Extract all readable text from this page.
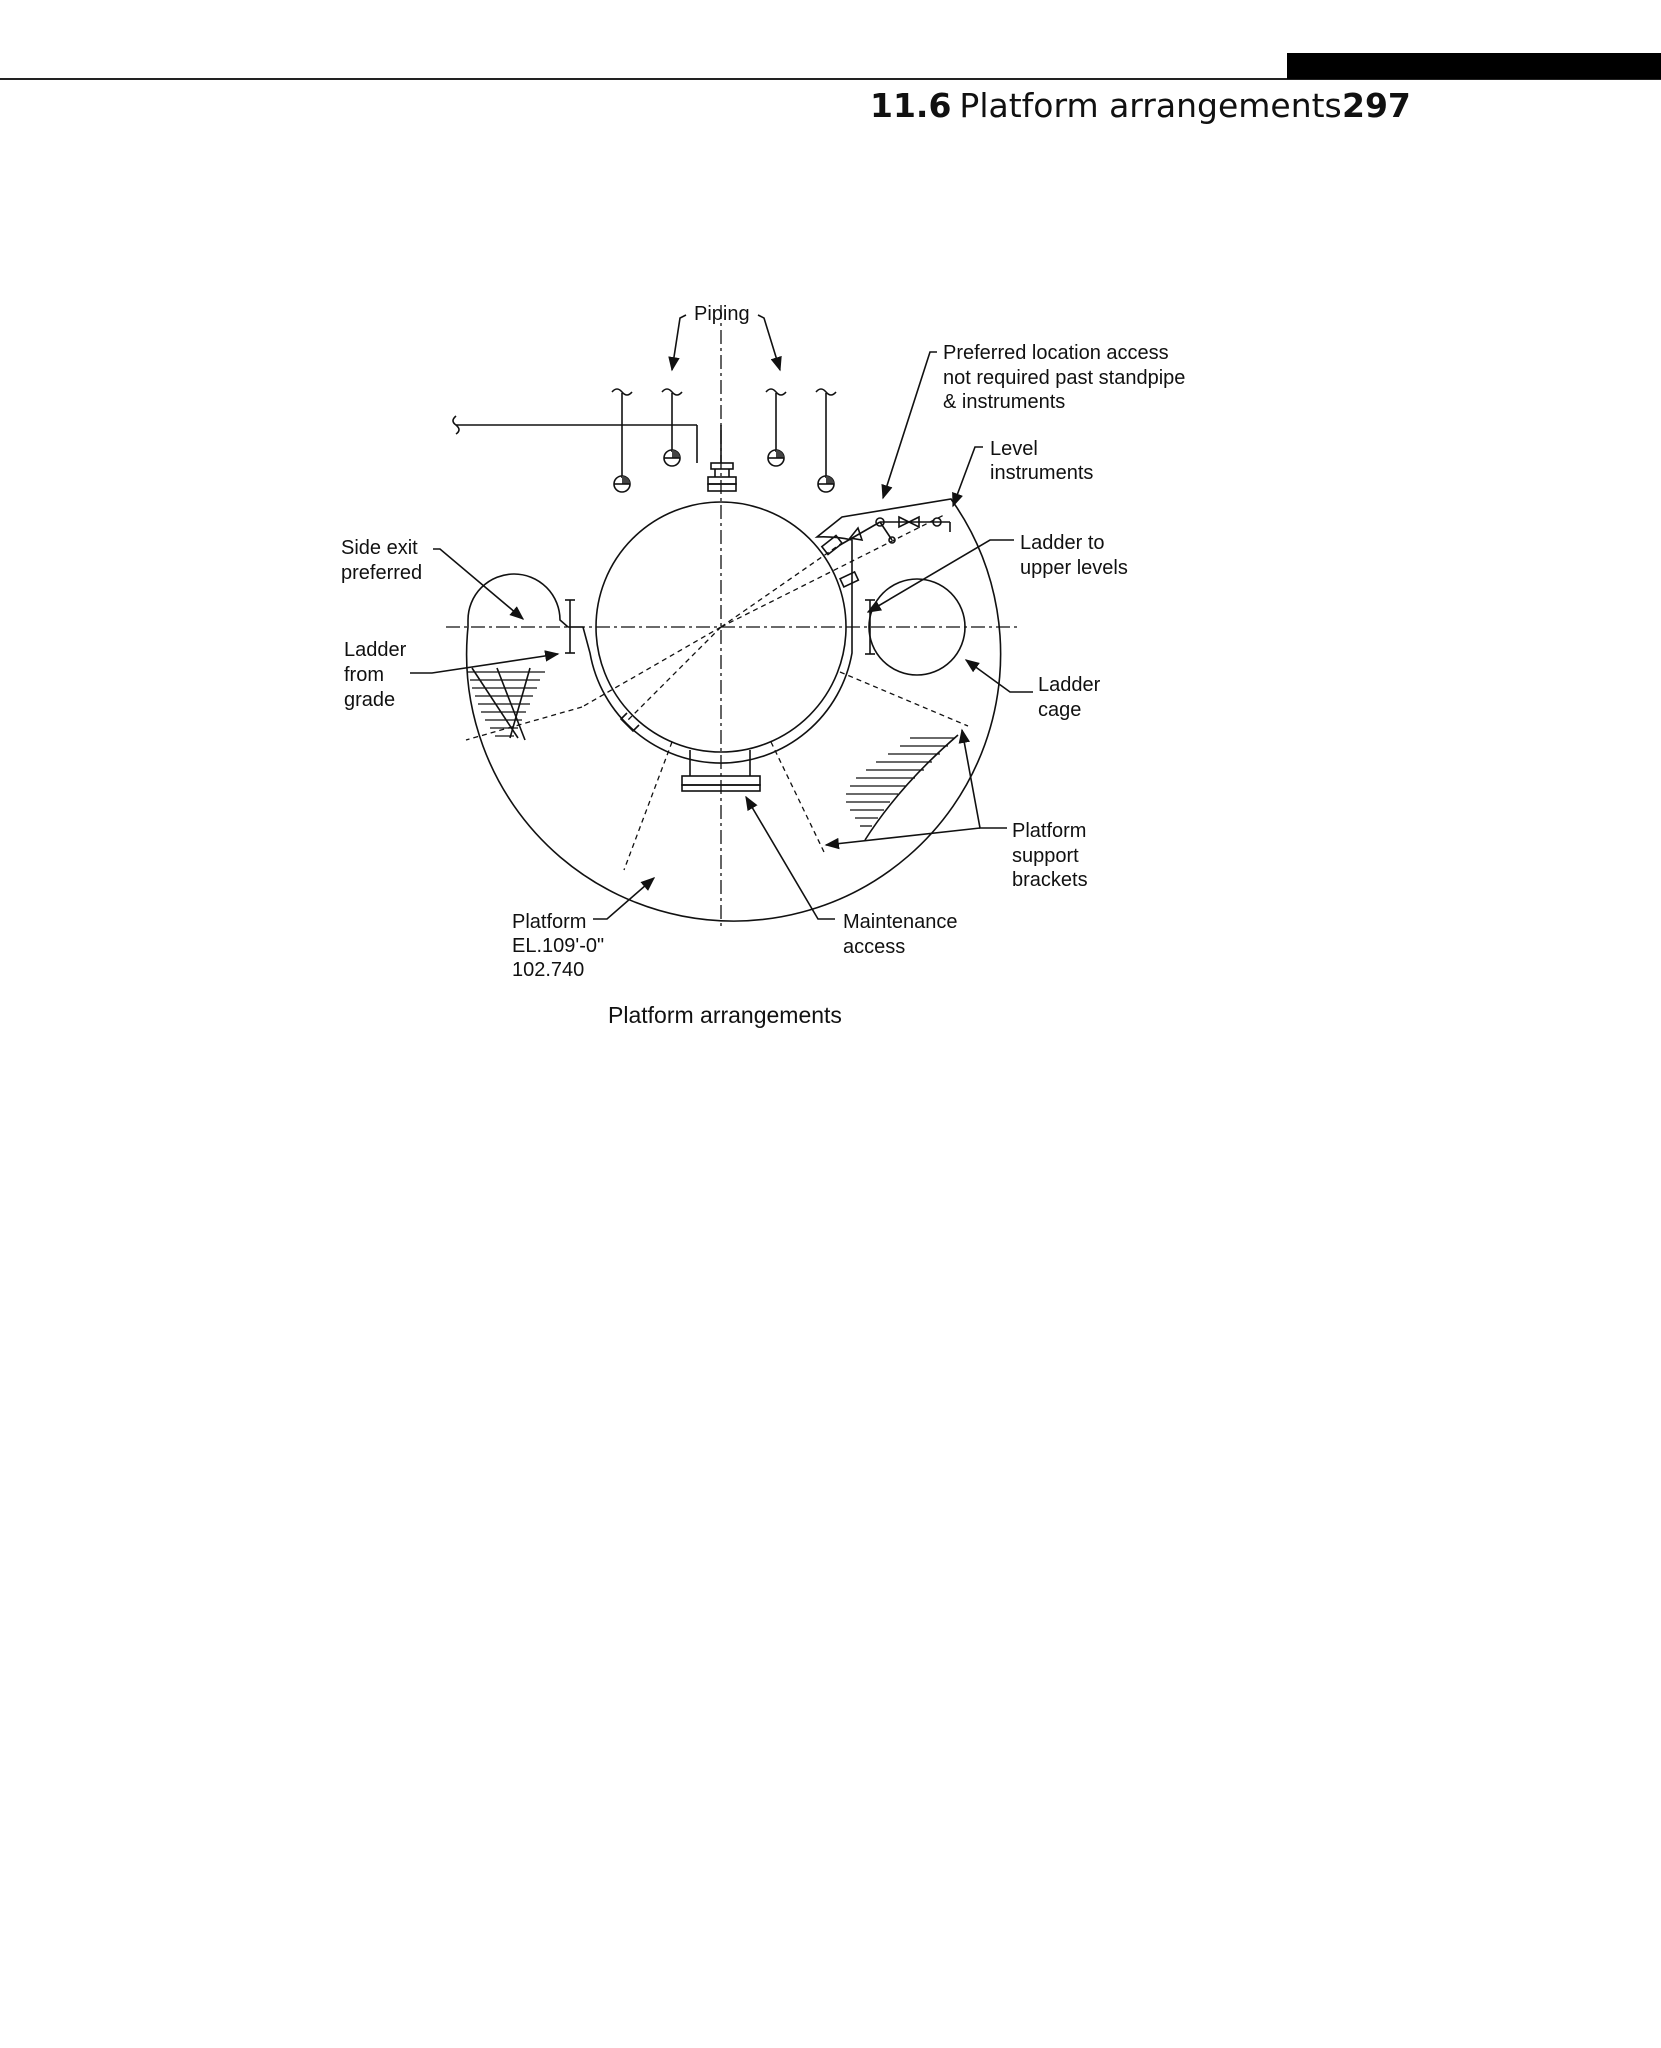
11.6 Platform arrangements 297
Piping
Preferred location access not required past standpipe & instruments
Level instruments
Ladder to upper levels
Side exit preferred
Ladder from grade
Ladder cage
Platform support brackets
Platform EL.109'-0" 102.740
Maintenance access
Platform arrangements
